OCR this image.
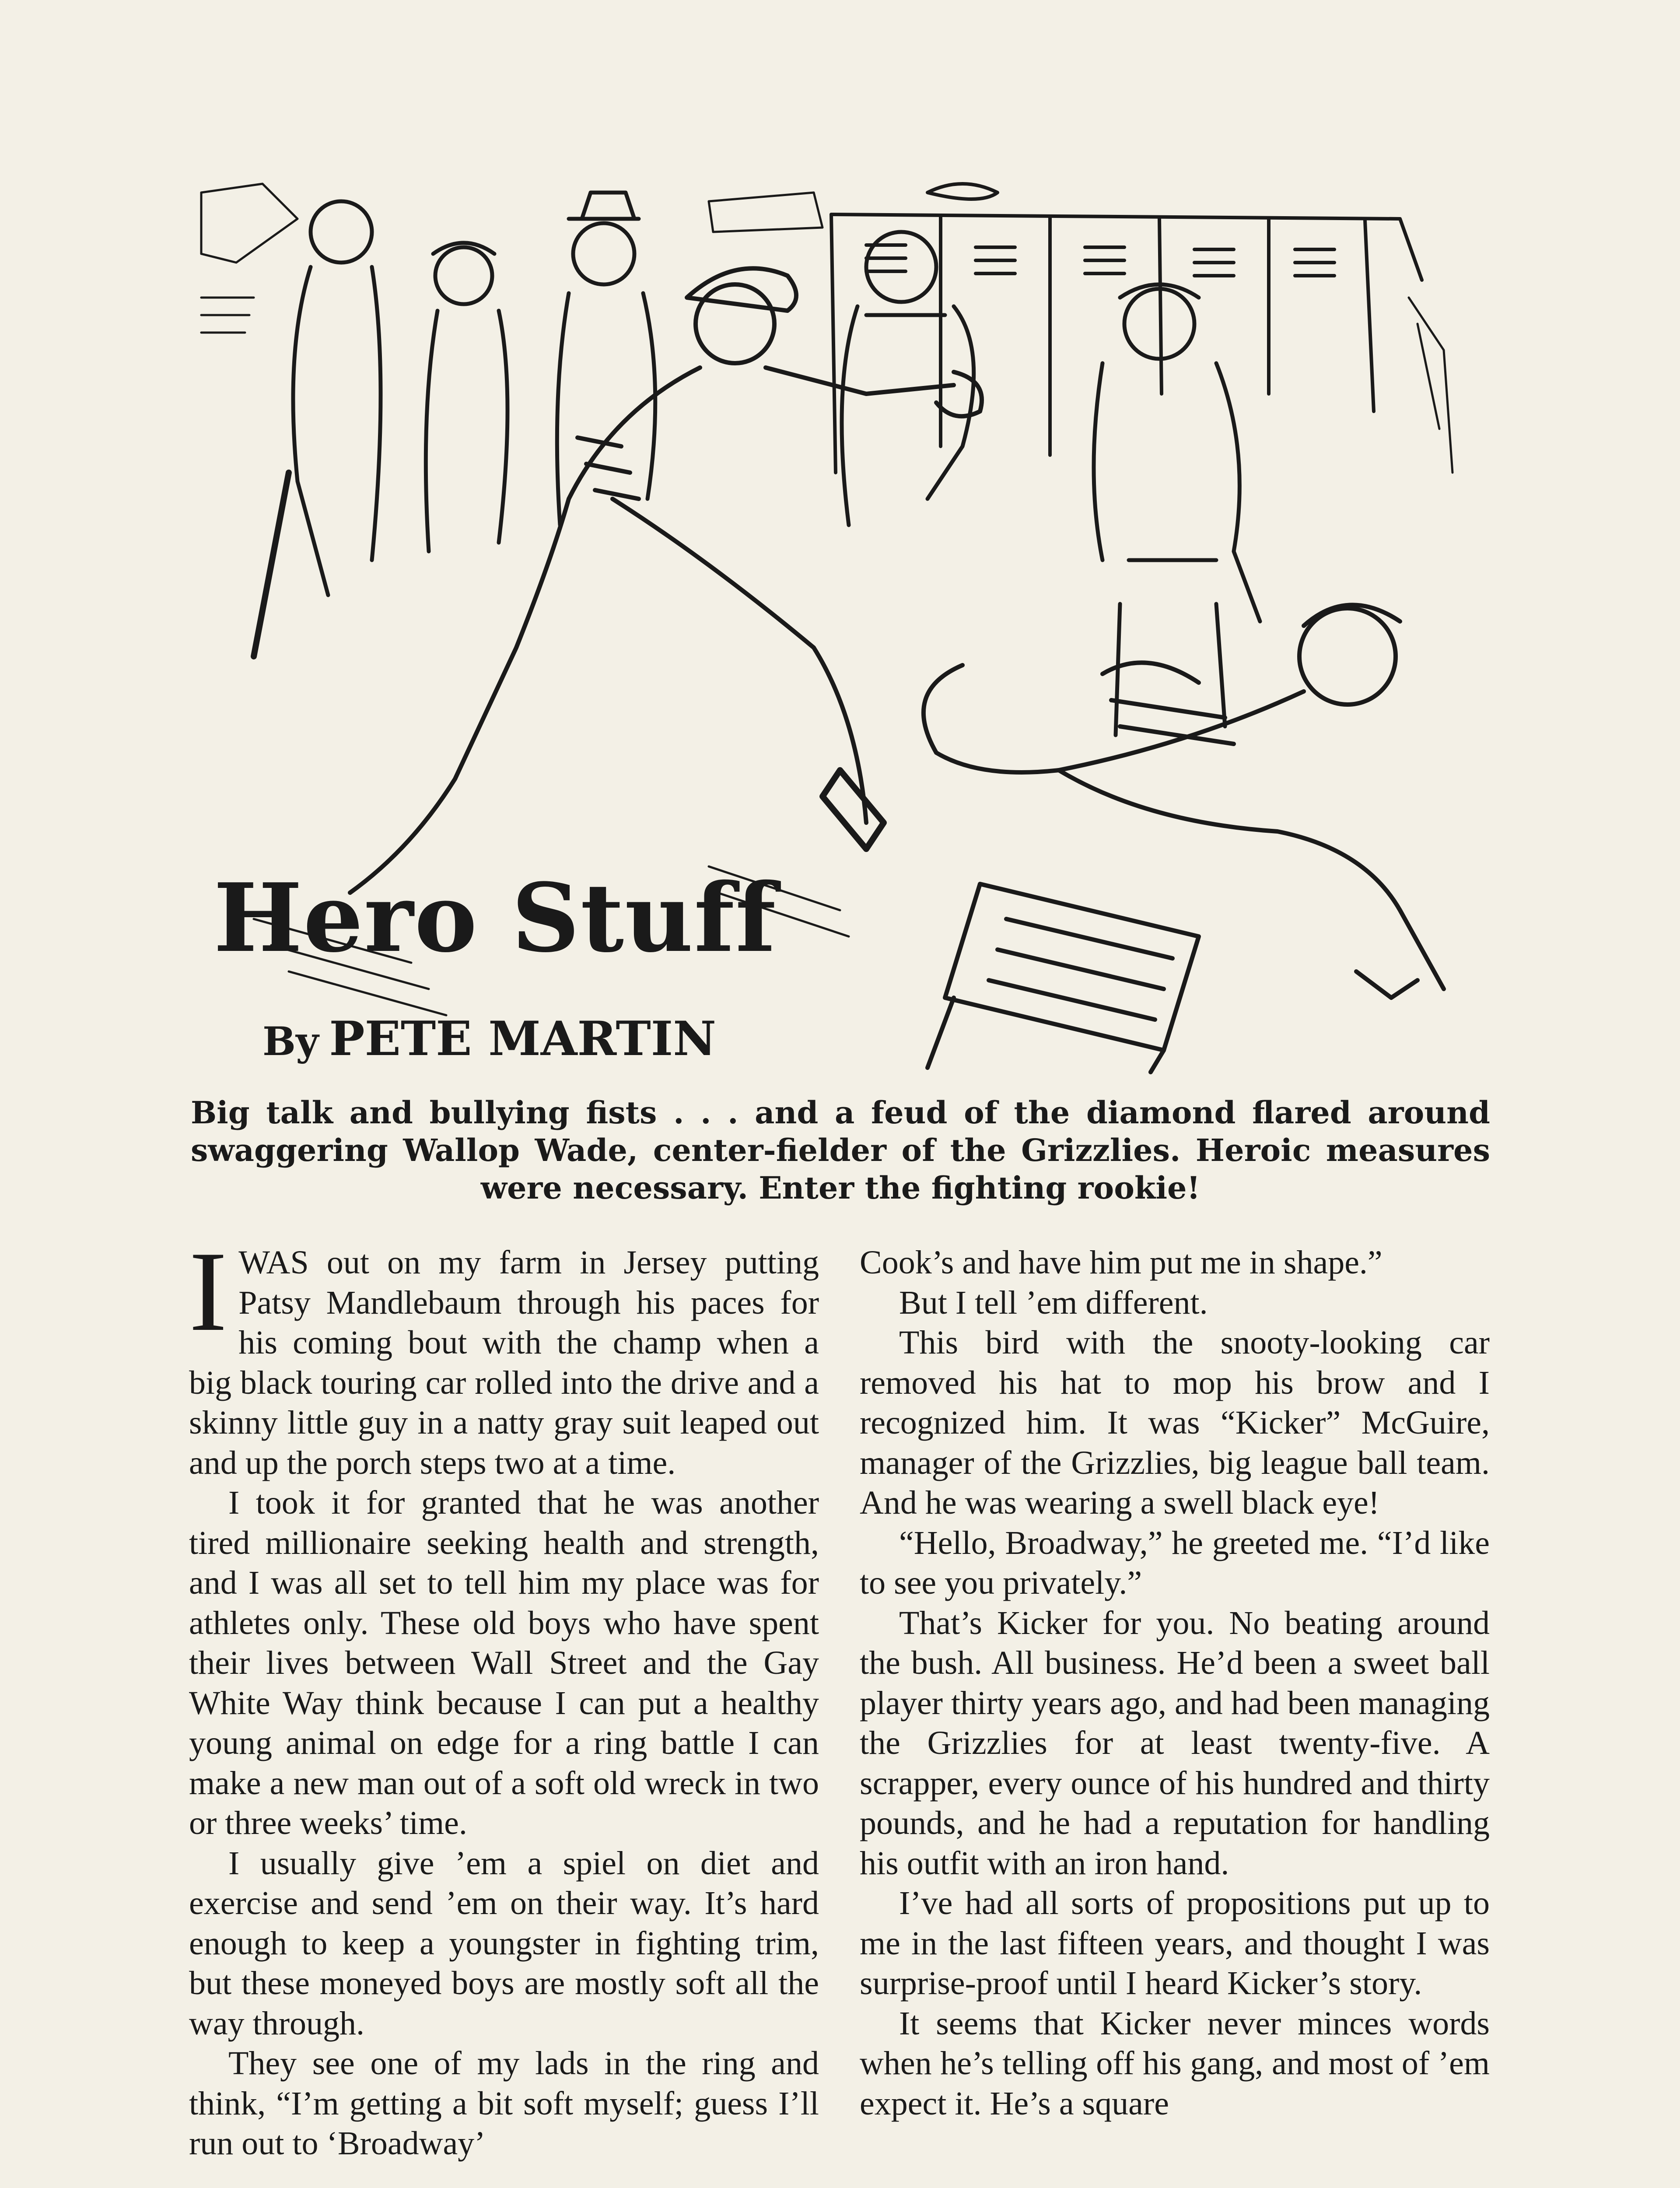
Hero Stuff
By PETE MARTIN

Big talk and bullying fists . . . and a feud of the diamond flared around swaggering Wallop Wade, center-fielder of the Grizzlies. Heroic measures were necessary. Enter the fighting rookie!

IWAS out on my farm in Jersey putting Patsy Mandlebaum through his paces for his coming bout with the champ when a big black touring car rolled into the drive and a skinny little guy in a natty gray suit leaped out and up the porch steps two at a time.

I took it for granted that he was another tired millionaire seeking health and strength, and I was all set to tell him my place was for athletes only. These old boys who have spent their lives between Wall Street and the Gay White Way think because I can put a healthy young animal on edge for a ring battle I can make a new man out of a soft old wreck in two or three weeks’ time.

I usually give ’em a spiel on diet and exercise and send ’em on their way. It’s hard enough to keep a youngster in fighting trim, but these moneyed boys are mostly soft all the way through.

They see one of my lads in the ring and think, “I’m getting a bit soft myself; guess I’ll run out to ‘Broadway’

Cook’s and have him put me in shape.”

But I tell ’em different.

This bird with the snooty-looking car removed his hat to mop his brow and I recognized him. It was “Kicker” McGuire, manager of the Grizzlies, big league ball team. And he was wearing a swell black eye!

“Hello, Broadway,” he greeted me. “I’d like to see you privately.”

That’s Kicker for you. No beating around the bush. All business. He’d been a sweet ball player thirty years ago, and had been managing the Grizzlies for at least twenty-five. A scrapper, every ounce of his hundred and thirty pounds, and he had a reputation for handling his outfit with an iron hand.

I’ve had all sorts of propositions put up to me in the last fifteen years, and thought I was surprise-proof until I heard Kicker’s story.

It seems that Kicker never minces words when he’s telling off his gang, and most of ’em expect it. He’s a square
